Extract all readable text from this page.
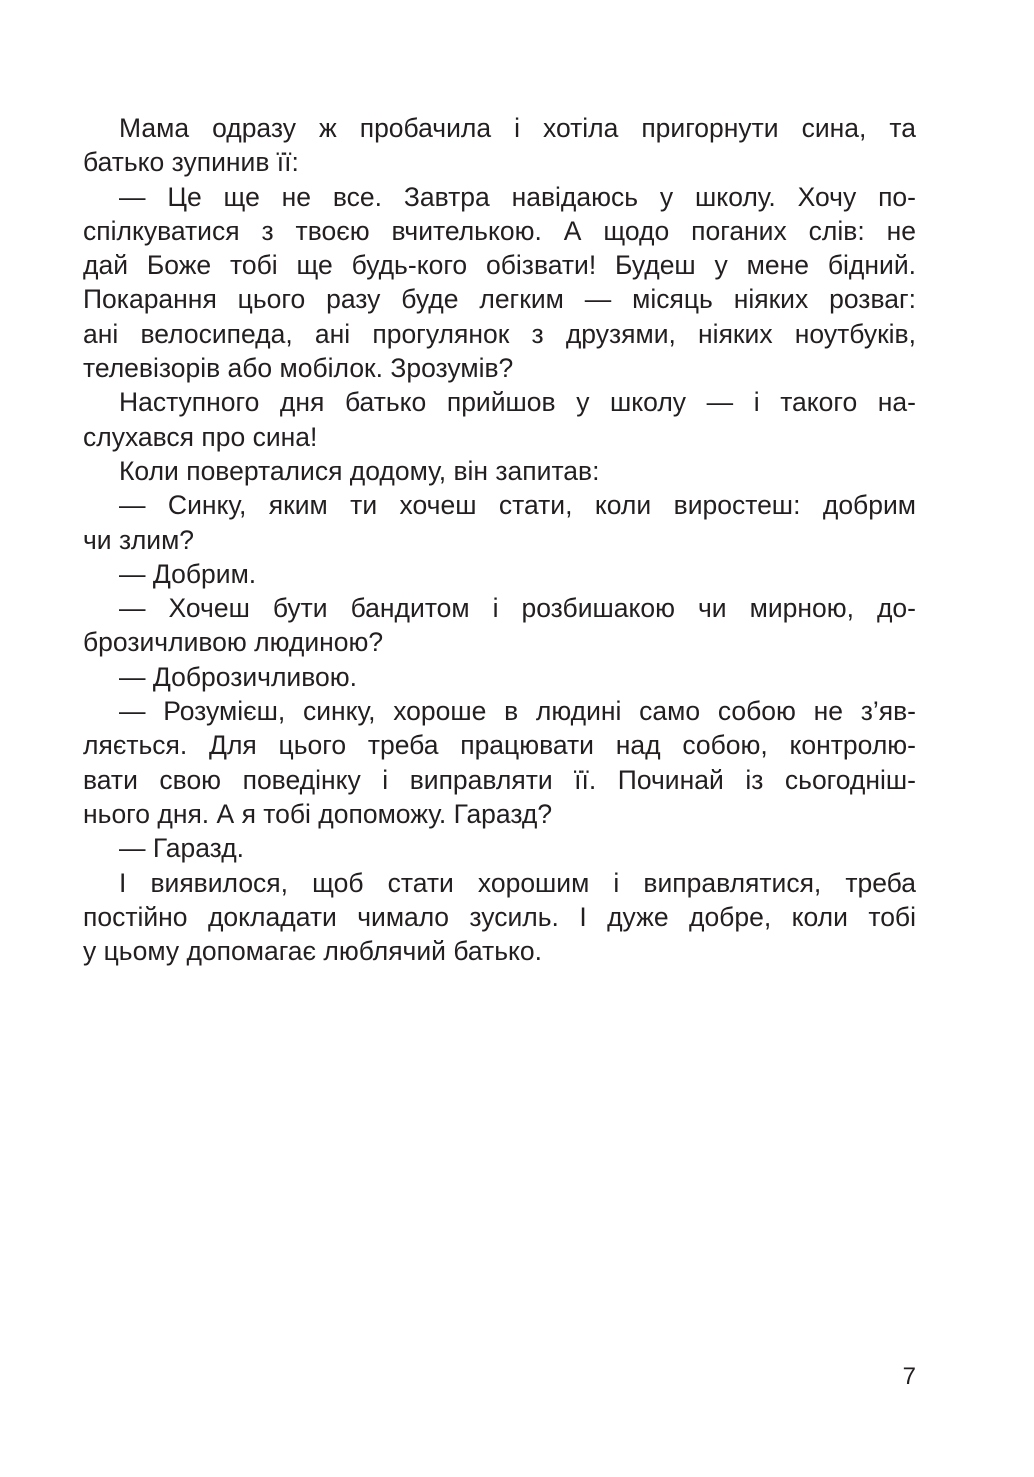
Мама одразу ж пробачила і хотіла пригорнути сина, та
батько зупинив її:
— Це ще не все. Завтра навідаюсь у школу. Хочу по-
спілкуватися з твоєю вчителькою. А щодо поганих слів: не
дай Боже тобі ще будь-кого обізвати! Будеш у мене бідний.
Покарання цього разу буде легким — місяць ніяких розваг:
ані велосипеда, ані прогулянок з друзями, ніяких ноутбуків,
телевізорів або мобілок. Зрозумів?
Наступного дня батько прийшов у школу — і такого на-
слухався про сина!
Коли поверталися додому, він запитав:
— Синку, яким ти хочеш стати, коли виростеш: добрим
чи злим?
— Добрим.
— Хочеш бути бандитом і розбишакою чи мирною, до-
брозичливою людиною?
— Доброзичливою.
— Розумієш, синку, хороше в людині само собою не з’яв-
ляється. Для цього треба працювати над собою, контролю-
вати свою поведінку і виправляти її. Починай із сьогоднiш-
нього дня. А я тобі допоможу. Гаразд?
— Гаразд.
І виявилося, щоб стати хорошим і виправлятися, треба
постійно докладати чималo зусиль. І дуже добре, коли тобі
у цьому допомагає люблячий батько.
7
